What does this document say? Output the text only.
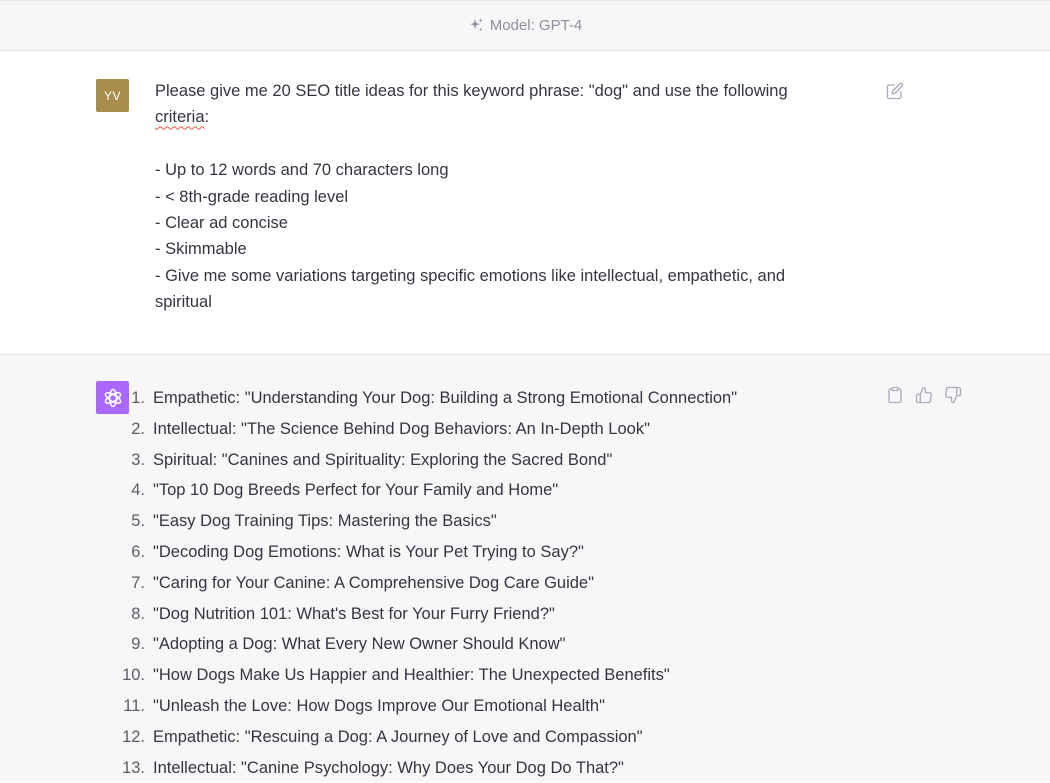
Model: GPT-4
YV Please give me 20 SEO title ideas for this keyword phrase: "dog" and use the following

criteria:

- Up to 12 words and 70 characters long

- < 8th-grade reading level

- Clear ad concise

- Skimmable

- Give me some variations targeting specific emotions like intellectual, empathetic, and

spiritual

1. Empathetic: "Understanding Your Dog: Building a Strong Emotional Connection"
2. Intellectual: "The Science Behind Dog Behaviors: An In-Depth Look"
3. Spiritual: "Canines and Spirituality: Exploring the Sacred Bond"
4. "Top 10 Dog Breeds Perfect for Your Family and Home"
5. "Easy Dog Training Tips: Mastering the Basics"
6. "Decoding Dog Emotions: What is Your Pet Trying to Say?"
7. "Caring for Your Canine: A Comprehensive Dog Care Guide"
8. "Dog Nutrition 101: What's Best for Your Furry Friend?"
9. "Adopting a Dog: What Every New Owner Should Know"
10. "How Dogs Make Us Happier and Healthier: The Unexpected Benefits"
11. "Unleash the Love: How Dogs Improve Our Emotional Health"
12. Empathetic: "Rescuing a Dog: A Journey of Love and Compassion"
13. Intellectual: "Canine Psychology: Why Does Your Dog Do That?"
